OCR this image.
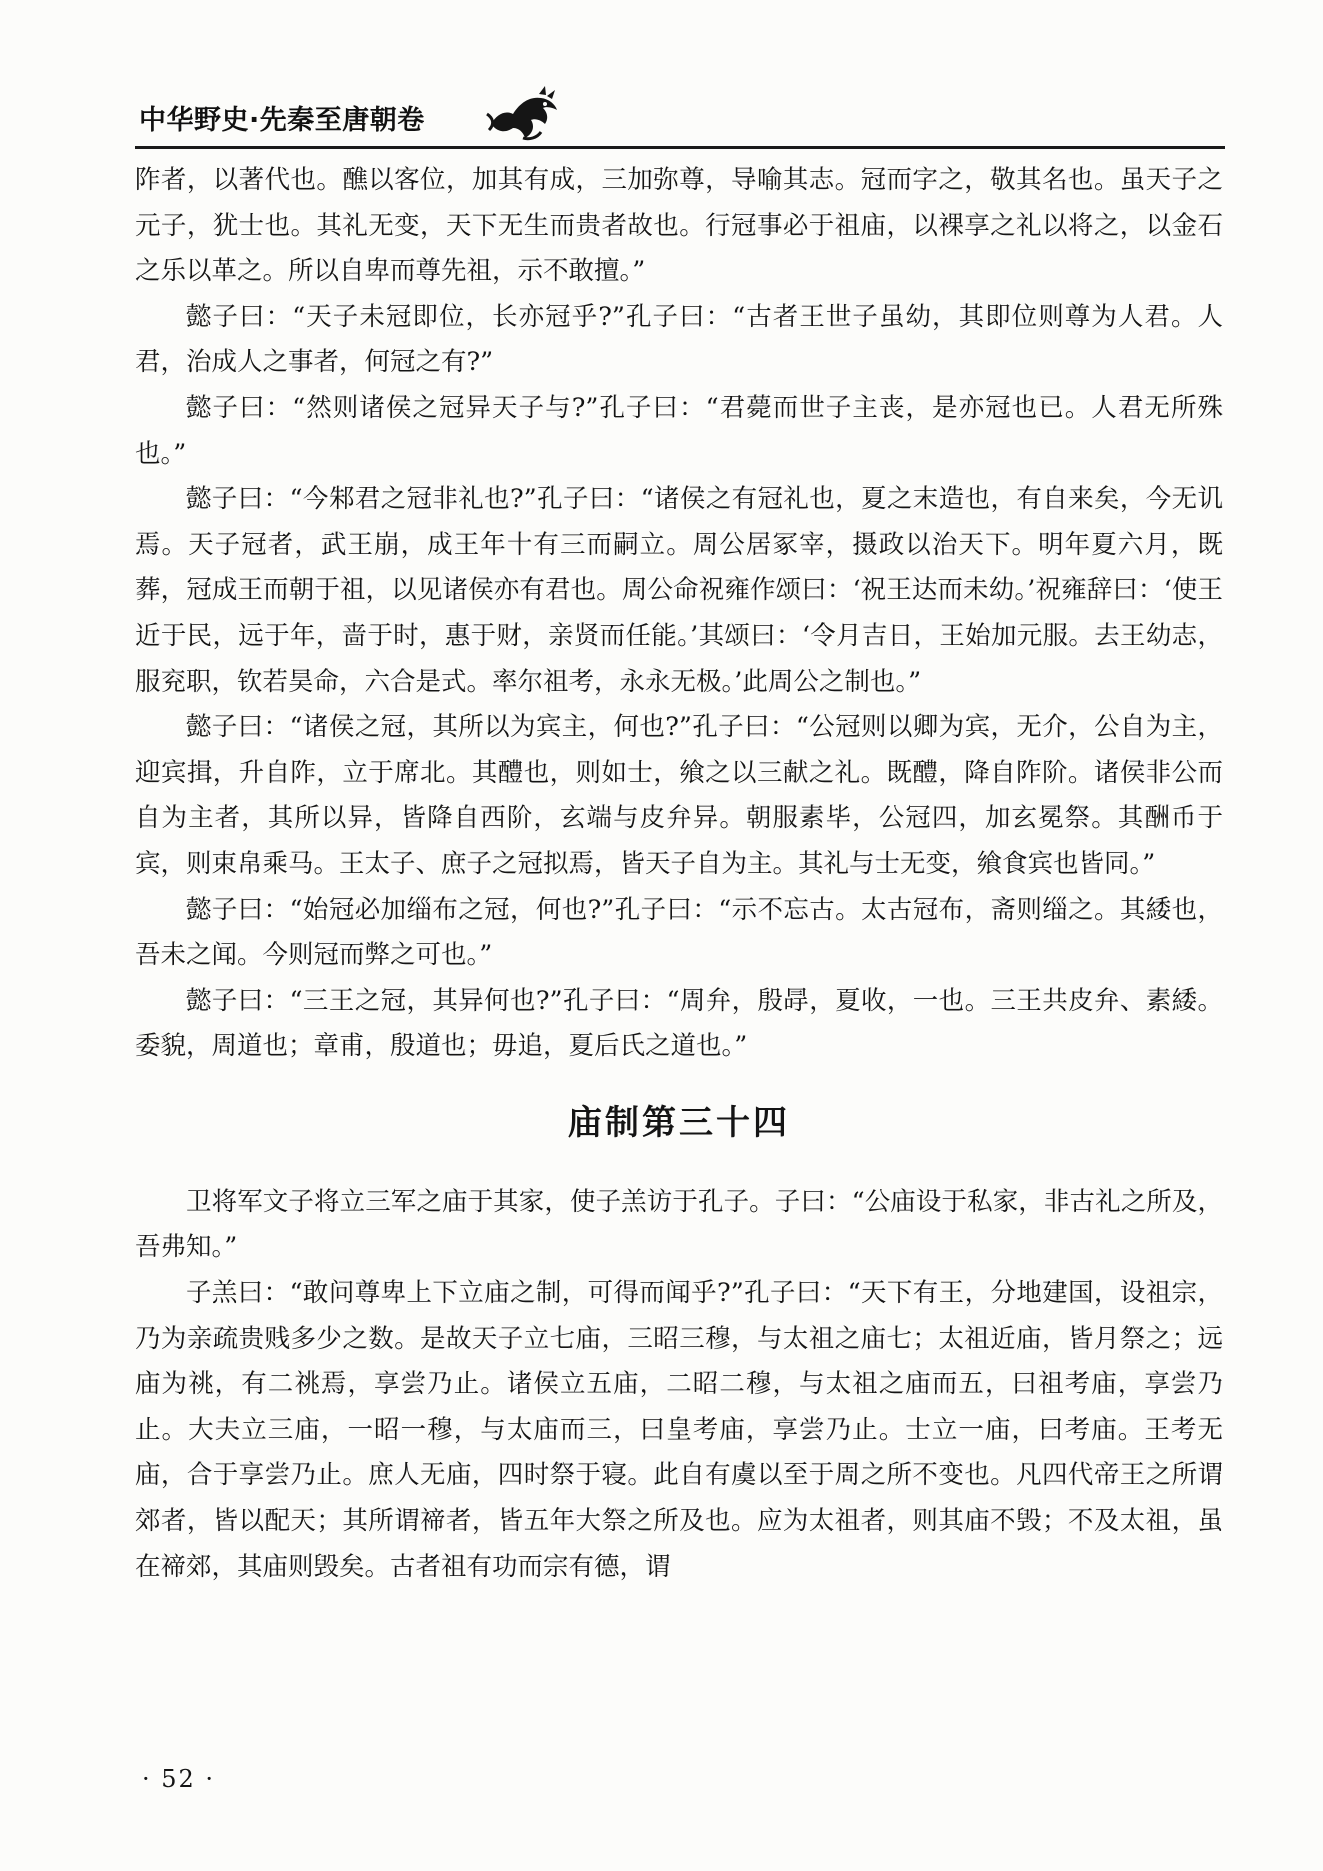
中华野史·先秦至唐朝卷

阼者，以著代也。醮以客位，加其有成，三加弥尊，导喻其志。冠而字之，敬其名也。虽天子之元子，犹士也。其礼无变，天下无生而贵者故也。行冠事必于祖庙，以裸享之礼以将之，以金石之乐以革之。所以自卑而尊先祖，示不敢擅。”

懿子曰：“天子未冠即位，长亦冠乎?”孔子曰：“古者王世子虽幼，其即位则尊为人君。人君，治成人之事者，何冠之有?”

懿子曰：“然则诸侯之冠异天子与?”孔子曰：“君薨而世子主丧，是亦冠也已。人君无所殊也。”

懿子曰：“今邾君之冠非礼也?”孔子曰：“诸侯之有冠礼也，夏之末造也，有自来矣，今无讥焉。天子冠者，武王崩，成王年十有三而嗣立。周公居冢宰，摄政以治天下。明年夏六月，既葬，冠成王而朝于祖，以见诸侯亦有君也。周公命祝雍作颂曰：‘祝王达而未幼。’祝雍辞曰：‘使王近于民，远于年，啬于时，惠于财，亲贤而任能。’其颂曰：‘令月吉日，王始加元服。去王幼志，服兖职，钦若昊命，六合是式。率尔祖考，永永无极。’此周公之制也。”

懿子曰：“诸侯之冠，其所以为宾主，何也?”孔子曰：“公冠则以卿为宾，无介，公自为主，迎宾揖，升自阼，立于席北。其醴也，则如士，飨之以三献之礼。既醴，降自阼阶。诸侯非公而自为主者，其所以异，皆降自西阶，玄端与皮弁异。朝服素毕，公冠四，加玄冕祭。其酬币于宾，则束帛乘马。王太子、庶子之冠拟焉，皆天子自为主。其礼与士无变，飨食宾也皆同。”

懿子曰：“始冠必加缁布之冠，何也?”孔子曰：“示不忘古。太古冠布，斋则缁之。其緌也，吾未之闻。今则冠而弊之可也。”

懿子曰：“三王之冠，其异何也?”孔子曰：“周弁，殷冔，夏收，一也。三王共皮弁、素緌。委貌，周道也；章甫，殷道也；毋追，夏后氏之道也。”

庙制第三十四

卫将军文子将立三军之庙于其家，使子羔访于孔子。子曰：“公庙设于私家，非古礼之所及，吾弗知。”

子羔曰：“敢问尊卑上下立庙之制，可得而闻乎?”孔子曰：“天下有王，分地建国，设祖宗，乃为亲疏贵贱多少之数。是故天子立七庙，三昭三穆，与太祖之庙七；太祖近庙，皆月祭之；远庙为祧，有二祧焉，享尝乃止。诸侯立五庙，二昭二穆，与太祖之庙而五，曰祖考庙，享尝乃止。大夫立三庙，一昭一穆，与太庙而三，曰皇考庙，享尝乃止。士立一庙，曰考庙。王考无庙，合于享尝乃止。庶人无庙，四时祭于寝。此自有虞以至于周之所不变也。凡四代帝王之所谓郊者，皆以配天；其所谓禘者，皆五年大祭之所及也。应为太祖者，则其庙不毁；不及太祖，虽在禘郊，其庙则毁矣。古者祖有功而宗有德，谓

· 52 ·
